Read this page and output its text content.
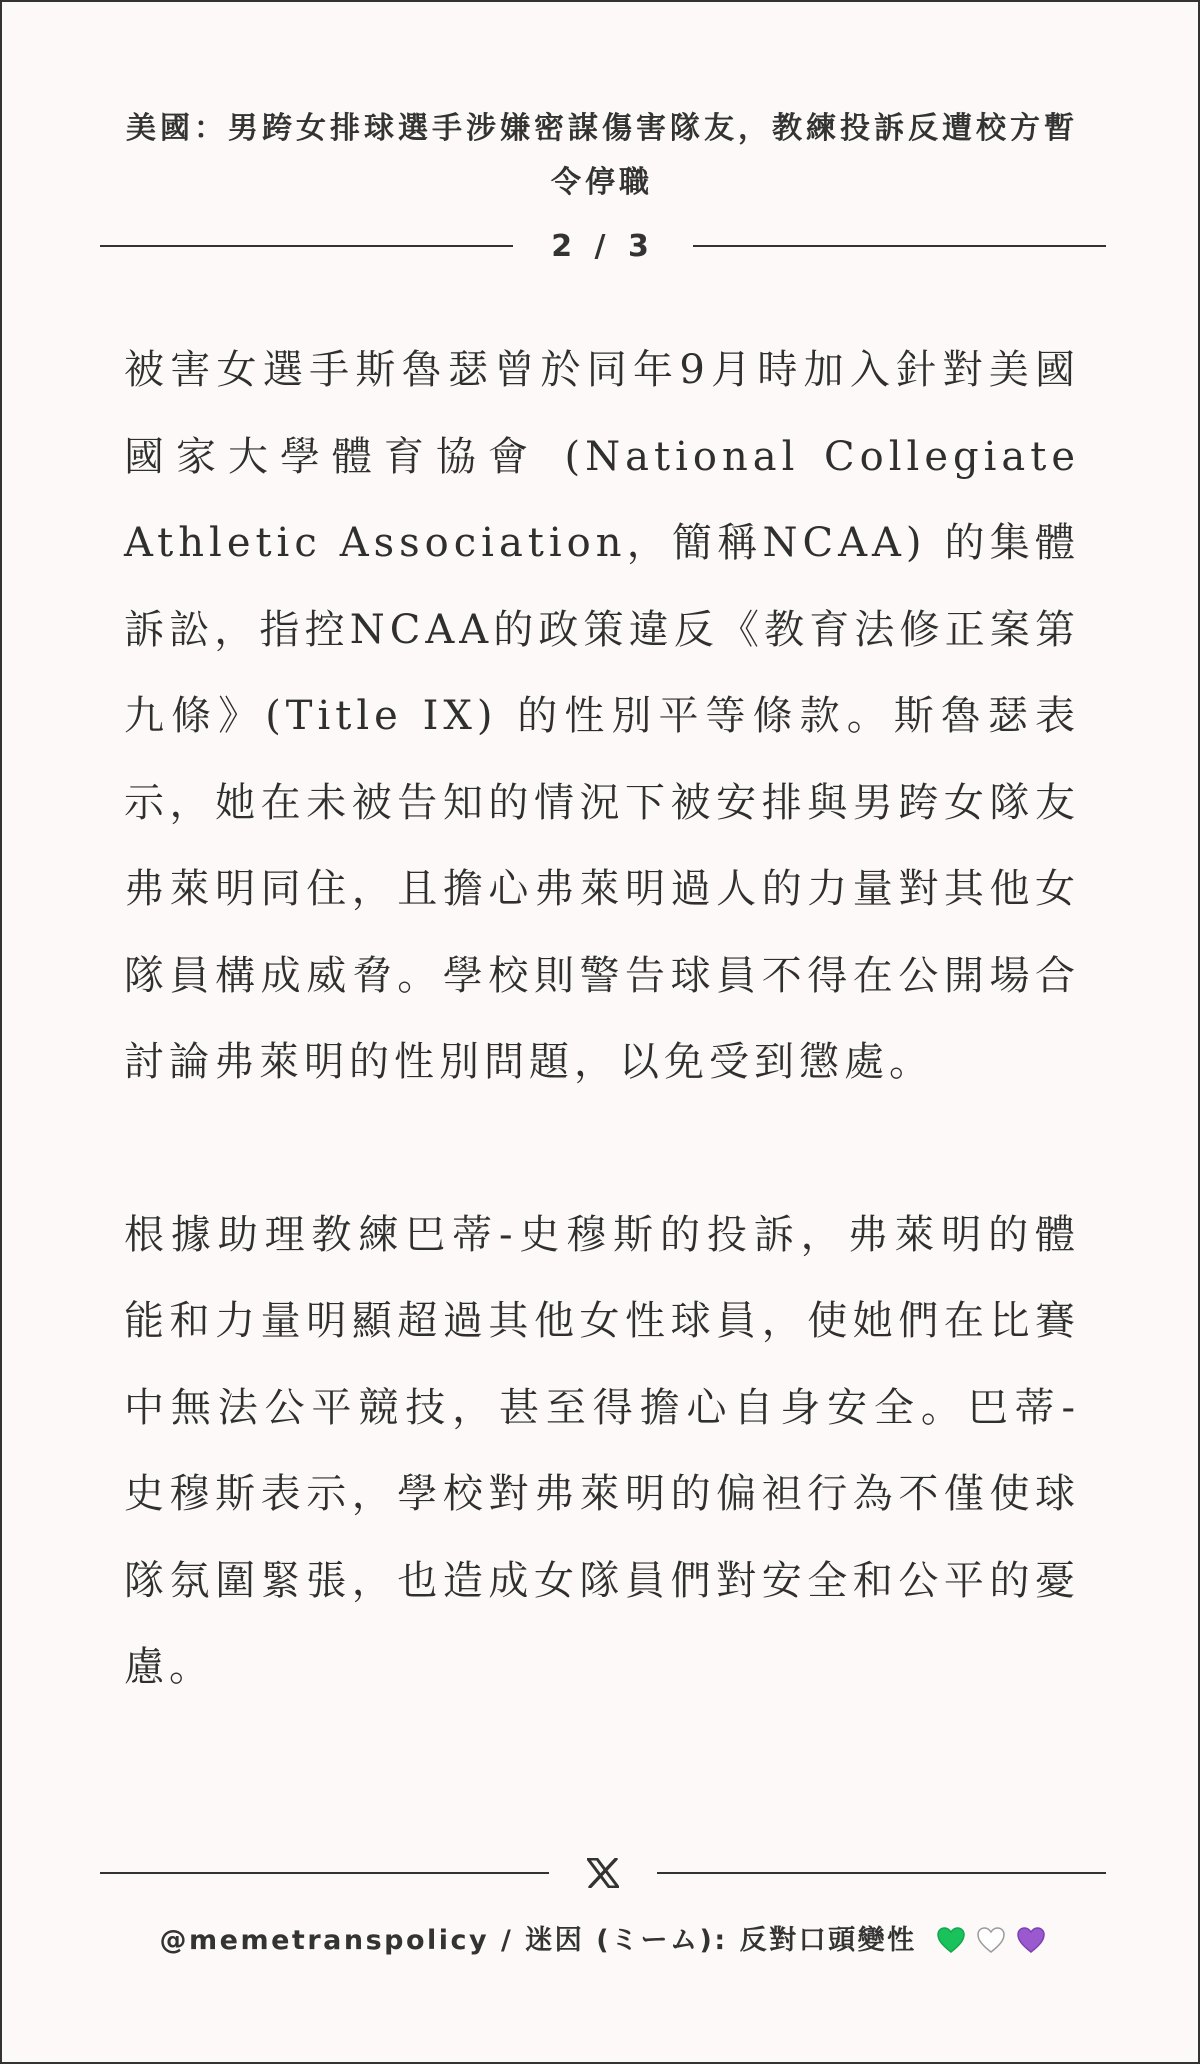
美國：男跨女排球選手涉嫌密謀傷害隊友，教練投訴反遭校方暫令停職
2 / 3

被害女選手斯魯瑟曾於同年9月時加入針對美國國家大學體育協會 (National Collegiate Athletic Association，簡稱NCAA) 的集體訴訟，指控NCAA的政策違反《教育法修正案第九條》(Title IX) 的性別平等條款。斯魯瑟表示，她在未被告知的情況下被安排與男跨女隊友弗萊明同住，且擔心弗萊明過人的力量對其他女隊員構成威脅。學校則警告球員不得在公開場合討論弗萊明的性別問題，以免受到懲處。

根據助理教練巴蒂-史穆斯的投訴，弗萊明的體能和力量明顯超過其他女性球員，使她們在比賽中無法公平競技，甚至得擔心自身安全。巴蒂-史穆斯表示，學校對弗萊明的偏袒行為不僅使球隊氛圍緊張，也造成女隊員們對安全和公平的憂慮。

@memetranspolicy / 迷因 (ミーム): 反對口頭變性
